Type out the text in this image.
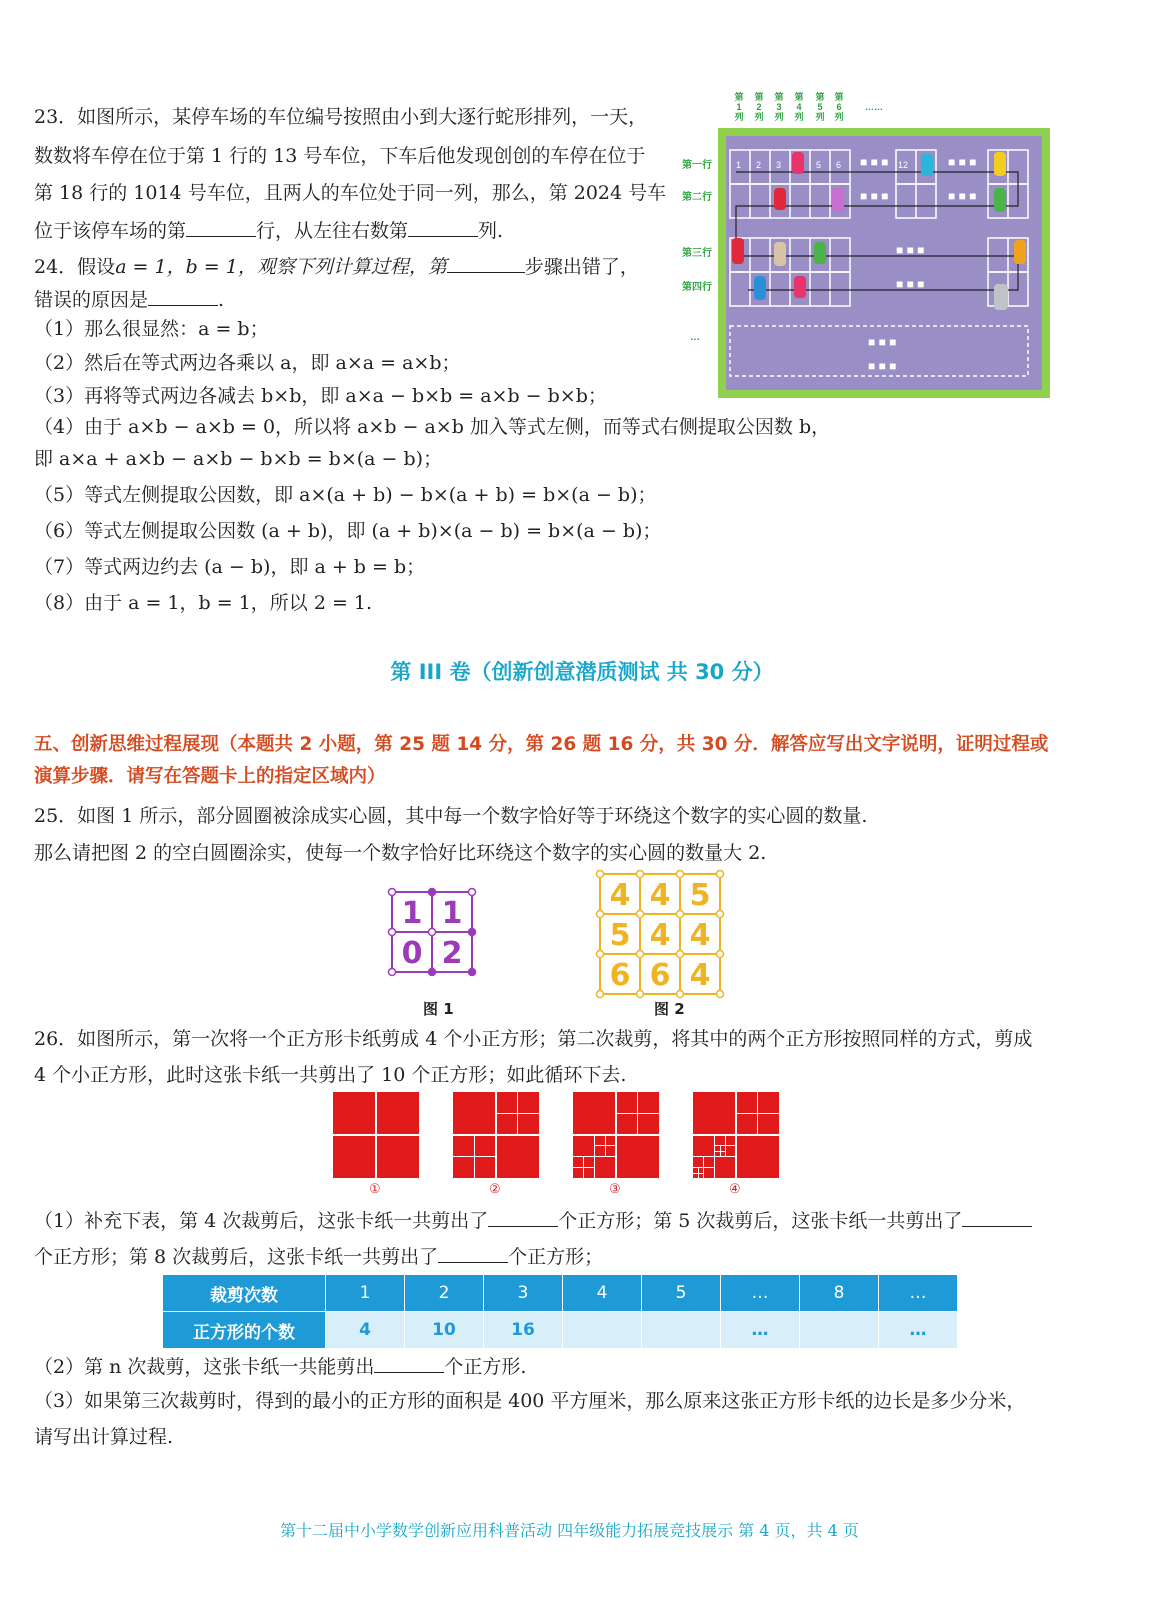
23．如图所示，某停车场的车位编号按照由小到大逐行蛇形排列，一天，
数数将车停在位于第 1 行的 13 号车位，下车后他发现创创的车停在位于
第 18 行的 1014 号车位，且两人的车位处于同一列，那么，第 2024 号车
位于该停车场的第	行，从左往右数第	列.
第
1
列
第
2
列
第
3
列
第
4
列
第
5
列
第
6
列
……
1 2 3	5 6	12
■ ■ ■	■ ■ ■
■ ■ ■	■ ■ ■
■ ■ ■
■ ■ ■
■ ■ ■
■ ■ ■
第一行
第二行
第三行
第四行
…
24．假设a = 1，b = 1，观察下列计算过程，第	步骤出错了，
错误的原因是	.
（1）那么很显然：a = b；
（2）然后在等式两边各乘以 a，即 a×a = a×b；
（3）再将等式两边各减去 b×b，即 a×a − b×b = a×b − b×b；
（4）由于 a×b − a×b = 0，所以将 a×b − a×b 加入等式左侧，而等式右侧提取公因数 b，
即 a×a + a×b − a×b − b×b = b×(a − b)；
（5）等式左侧提取公因数，即 a×(a + b) − b×(a + b) = b×(a − b)；
（6）等式左侧提取公因数 (a + b)，即 (a + b)×(a − b) = b×(a − b)；
（7）等式两边约去 (a − b)，即 a + b = b；
（8）由于 a = 1，b = 1，所以 2 = 1.
第 III 卷（创新创意潜质测试 共 30 分）
五、创新思维过程展现（本题共 2 小题，第 25 题 14 分，第 26 题 16 分，共 30 分．解答应写出文字说明，证明过程或
演算步骤．请写在答题卡上的指定区域内）
25．如图 1 所示，部分圆圈被涂成实心圆，其中每一个数字恰好等于环绕这个数字的实心圆的数量.
那么请把图 2 的空白圆圈涂实，使每一个数字恰好比环绕这个数字的实心圆的数量大 2.
1 1
0 2
图 1
4 4 5
5 4 4
6 6 4
图 2
26．如图所示，第一次将一个正方形卡纸剪成 4 个小正方形；第二次裁剪，将其中的两个正方形按照同样的方式，剪成
4 个小正方形，此时这张卡纸一共剪出了 10 个正方形；如此循环下去.
①	②	③	④
（1）补充下表，第 4 次裁剪后，这张卡纸一共剪出了	个正方形；第 5 次裁剪后，这张卡纸一共剪出了
个正方形；第 8 次裁剪后，这张卡纸一共剪出了	个正方形；
裁剪次数	1	2	3	4	5	…	8	…
正方形的个数	4	10	16			…		…
（2）第 n 次裁剪，这张卡纸一共能剪出	个正方形.
（3）如果第三次裁剪时，得到的最小的正方形的面积是 400 平方厘米，那么原来这张正方形卡纸的边长是多少分米，
请写出计算过程.
第十二届中小学数学创新应用科普活动 四年级能力拓展竞技展示 第 4 页，共 4 页
